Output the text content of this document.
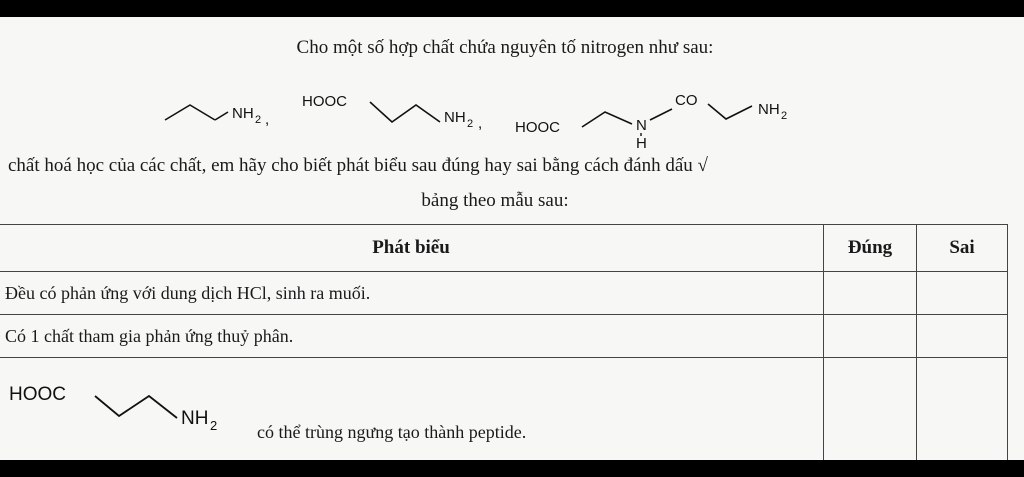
Cho một số hợp chất chứa nguyên tố nitrogen như sau:
NH 2 ,
HOOC
NH 2 , HOOC	N
H
CO
NH 2
chất hoá học của các chất, em hãy cho biết phát biểu sau đúng hay sai bằng cách đánh dấu √
bảng theo mẫu sau:
Phát biểu	Đúng	Sai
Đều có phản ứng với dung dịch HCl, sinh ra muối.		
Có 1 chất tham gia phản ứng thuỷ phân.		

HOOC
NH 2 có thể trùng ngưng tạo thành peptide.		
